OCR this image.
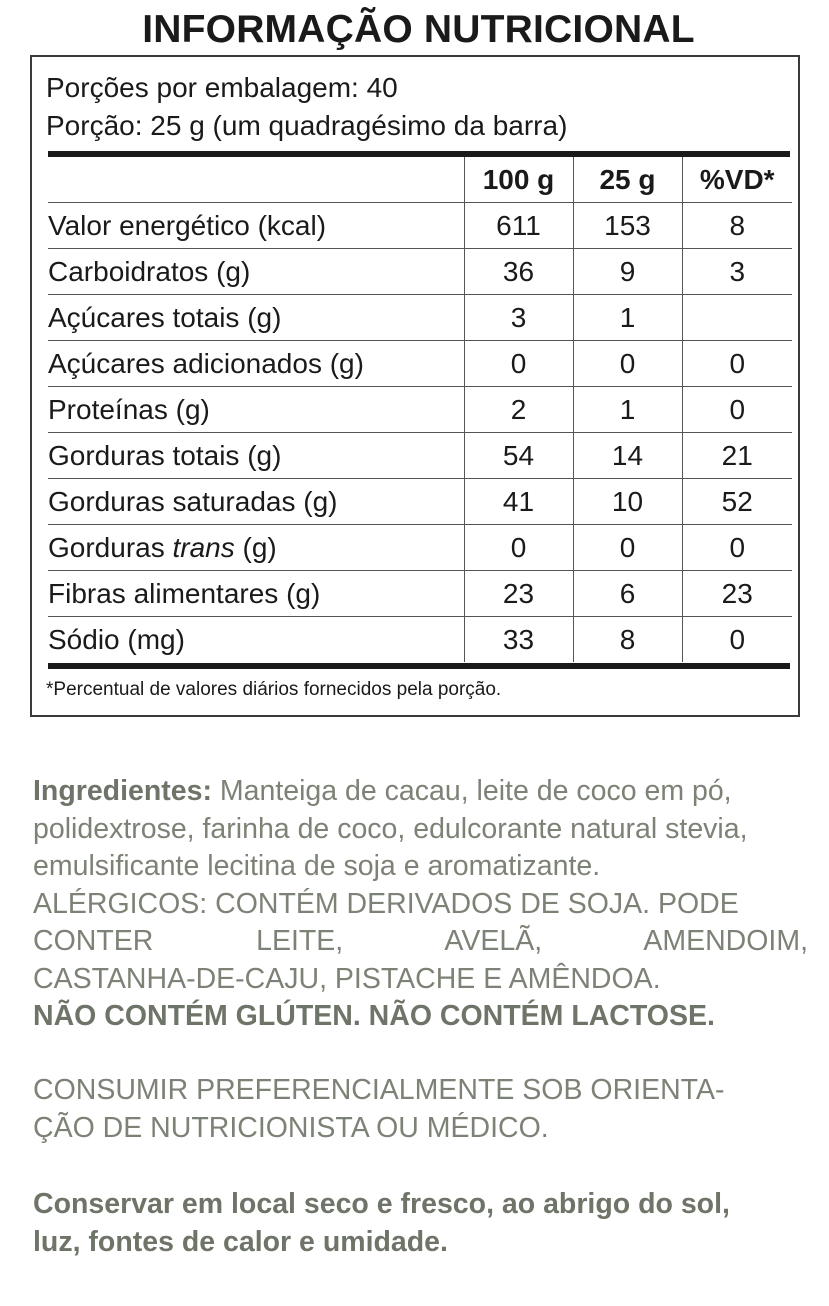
INFORMAÇÃO NUTRICIONAL
Porções por embalagem: 40
Porção: 25 g (um quadragésimo da barra)
	100 g	25 g	%VD*
Valor energético (kcal)	611	153	8
Carboidratos (g)	36	9	3
Açúcares totais (g)	3	1	
Açúcares adicionados (g)	0	0	0
Proteínas (g)	2	1	0
Gorduras totais (g)	54	14	21
Gorduras saturadas (g)	41	10	52
Gorduras trans (g)	0	0	0
Fibras alimentares (g)	23	6	23
Sódio (mg)	33	8	0
*Percentual de valores diários fornecidos pela porção.
Ingredientes: Manteiga de cacau, leite de coco em pó,
polidextrose, farinha de coco, edulcorante natural stevia,
emulsificante lecitina de soja e aromatizante.
ALÉRGICOS: CONTÉM DERIVADOS DE SOJA. PODE
CONTER LEITE, AVELÃ, AMENDOIM,
CASTANHA-DE-CAJU, PISTACHE E AMÊNDOA.
NÃO CONTÉM GLÚTEN. NÃO CONTÉM LACTOSE.
CONSUMIR PREFERENCIALMENTE SOB ORIENTA-
ÇÃO DE NUTRICIONISTA OU MÉDICO.
Conservar em local seco e fresco, ao abrigo do sol,
luz, fontes de calor e umidade.
